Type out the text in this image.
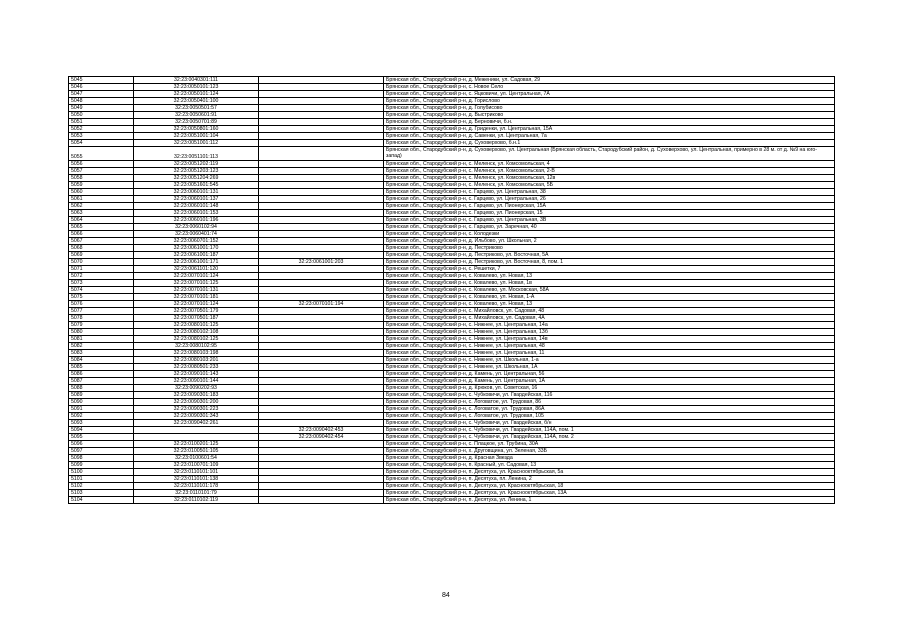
5045	32:23:0040301:111		Брянская обл., Стародубский р-н, д. Меженики, ул. Садовая, 29
5046	32:23:0050101:123		Брянская обл., Стародубский р-н, с. Новое Село
5047	32:23:0050101:124		Брянская обл., Стародубский р-н, с. Яцковичи, ул. Центральная, 7А
5048	32:23:0050401:100		Брянская обл., Стародубский р-н, д. Горислово
5049	32:23:0050501:57		Брянская обл., Стародубский р-н, д. Голубисово
5050	32:23:0050601:91		Брянская обл., Стародубский р-н, д. Выстриково
5051	32:23:0050701:89		Брянская обл., Стародубский р-н, д. Берновичи, б.н.
5052	32:23:0050801:160		Брянская обл., Стародубский р-н, д. Гриденки, ул. Центральная, 15А
5053	32:23:0051001:104		Брянская обл., Стародубский р-н, д. Савенки, ул. Центральная, 7а
5054	32:23:0051001:112		Брянская обл., Стародубский р-н, д. Суховерхово, б.н.1
5055	32:23:0051101:113		Брянская обл., Стародубский р-н, д. Суховерхово, ул. Центральная (Брянская область, Стародубский район, д. Суховерхово, ул. Центральная, примерно в 28 м. от д. №9 на юго-запад)
5056	32:23:0051202:119		Брянская обл., Стародубский р-н, с. Меленск, ул. Комсомольская, 4
5057	32:23:0051203:123		Брянская обл., Стародубский р-н, с. Меленск, ул. Комсомольская, 2-В
5058	32:23:0051204:269		Брянская обл., Стародубский р-н, с. Меленск, ул. Комсомольская, 12в
5059	32:23:0051601:545		Брянская обл., Стародубский р-н, с. Меленск, ул. Комсомольская, 5Б
5060	32:23:0060101:131		Брянская обл., Стародубский р-н, с. Гарцево, ул. Центральная, 38
5061	32:23:0060101:137		Брянская обл., Стародубский р-н, с. Гарцево, ул. Центральная, 26
5062	32:23:0060101:148		Брянская обл., Стародубский р-н, с. Гарцево, ул. Пионерская, 15А
5063	32:23:0060101:153		Брянская обл., Стародубский р-н, с. Гарцево, ул. Пионерская, 15
5064	32:23:0060101:196		Брянская обл., Стародубский р-н, с. Гарцево, ул. Центральная, 3В
5065	32:23:0060102:94		Брянская обл., Стародубский р-н, с. Гарцево, ул. Заречная, 40
5066	32:23:0060401:74		Брянская обл., Стародубский р-н, с. Колодезки
5067	32:23:0060701:152		Брянская обл., Стародубский р-н, д. Ильбово, ул. Школьная, 2
5068	32:23:0061001:170		Брянская обл., Стародубский р-н, д. Пестриково
5069	32:23:0061001:187		Брянская обл., Стародубский р-н, д. Пестриково, ул. Восточная, 5А
5070	32:23:0061001:171	32:23:0061001:203	Брянская обл., Стародубский р-н, д. Пестриково, ул. Восточная, 8, пом. 1
5071	32:23:0061101:120		Брянская обл., Стародубский р-н, с. Решетки, 7
5072	32:23:0070101:124		Брянская обл., Стародубский р-н, с. Ковалево, ул. Новая, 13
5073	32:23:0070101:125		Брянская обл., Стародубский р-н, с. Ковалево, ул. Новая, 1в
5074	32:23:0070101:131		Брянская обл., Стародубский р-н, с. Ковалево, ул. Московская, 58А
5075	32:23:0070101:181		Брянская обл., Стародубский р-н, с. Ковалево, ул. Новая, 1-А
5076	32:23:0070101:124	32:23:0070101:194	Брянская обл., Стародубский р-н, с. Ковалево, ул. Новая, 13
5077	32:23:0070501:179		Брянская обл., Стародубский р-н, с. Михайловск, ул. Садовая, 48
5078	32:23:0070501:187		Брянская обл., Стародубский р-н, с. Михайловск, ул. Садовая, 4А
5079	32:23:0080101:125		Брянская обл., Стародубский р-н, с. Нижнее, ул. Центральная, 14а
5080	32:23:0080102:108		Брянская обл., Стародубский р-н, с. Нижнее, ул. Центральная, 13б
5081	32:23:0080102:125		Брянская обл., Стародубский р-н, с. Нижнее, ул. Центральная, 14в
5082	32:23:0080102:95		Брянская обл., Стародубский р-н, с. Нижнее, ул. Центральная, 48
5083	32:23:0080103:198		Брянская обл., Стародубский р-н, с. Нижнее, ул. Центральная, 11
5084	32:23:0080103:201		Брянская обл., Стародубский р-н, с. Нижнее, ул. Школьная, 1-а
5085	32:23:0080501:233		Брянская обл., Стародубский р-н, с. Нижнее, ул. Школьная, 1А
5086	32:23:0090101:143		Брянская обл., Стародубский р-н, д. Камень, ул. Центральная, 56
5087	32:23:0090101:144		Брянская обл., Стародубский р-н, д. Камень, ул. Центральная, 1А
5088	32:23:0090202:93		Брянская обл., Стародубский р-н, д. Крюков, ул. Советская, 16
5089	32:23:0090301:183		Брянская обл., Стародубский р-н, с. Чубковичи, ул. Гвардейская, 116
5090	32:23:0090301:200		Брянская обл., Стародубский р-н, с. Логоватое, ул. Трудовая, 86
5091	32:23:0090301:223		Брянская обл., Стародубский р-н, с. Логоватое, ул. Трудовая, 86А
5092	32:23:0090301:343		Брянская обл., Стародубский р-н, с. Логоватое, ул. Трудовая, 105
5093	32:23:0090402:261		Брянская обл., Стародубский р-н, с. Чубковичи, ул. Гвардейская, б/н
5094		32:23:0090402:453	Брянская обл., Стародубский р-н, с. Чубковичи, ул. Гвардейская, 114А, пом. 1
5095		32:23:0090402:454	Брянская обл., Стародубский р-н, с. Чубковичи, ул. Гвардейская, 114А, пом. 2
5096	32:23:0100201:125		Брянская обл., Стародубский р-н, с. Плацкое, ул. Трубина, 30А
5097	32:23:0100501:105		Брянская обл., Стародубский р-н, х. Друговщина, ул. Зеленая, 33Б
5098	32:23:0100601:54		Брянская обл., Стародубский р-н, д. Красная Звезда
5099	32:23:0100701:109		Брянская обл., Стародубский р-н, п. Красный, ул. Садовая, 13
5100	32:23:0110101:101		Брянская обл., Стародубский р-н, п. Десятуха, ул. Красноoктябрьская, 5а
5101	32:23:0110101:138		Брянская обл., Стародубский р-н, п. Десятуха, пл. Ленина, 2
5102	32:23:0110101:178		Брянская обл., Стародубский р-н, п. Десятуха, ул. Красноoктябрьская, 18
5103	32:23:0110101:79		Брянская обл., Стародубский р-н, п. Десятуха, ул. Красноoктябрьская, 13А
5104	32:23:0110102:119		Брянская обл., Стародубский р-н, п. Десятуха, ул. Ленина, 1
84
